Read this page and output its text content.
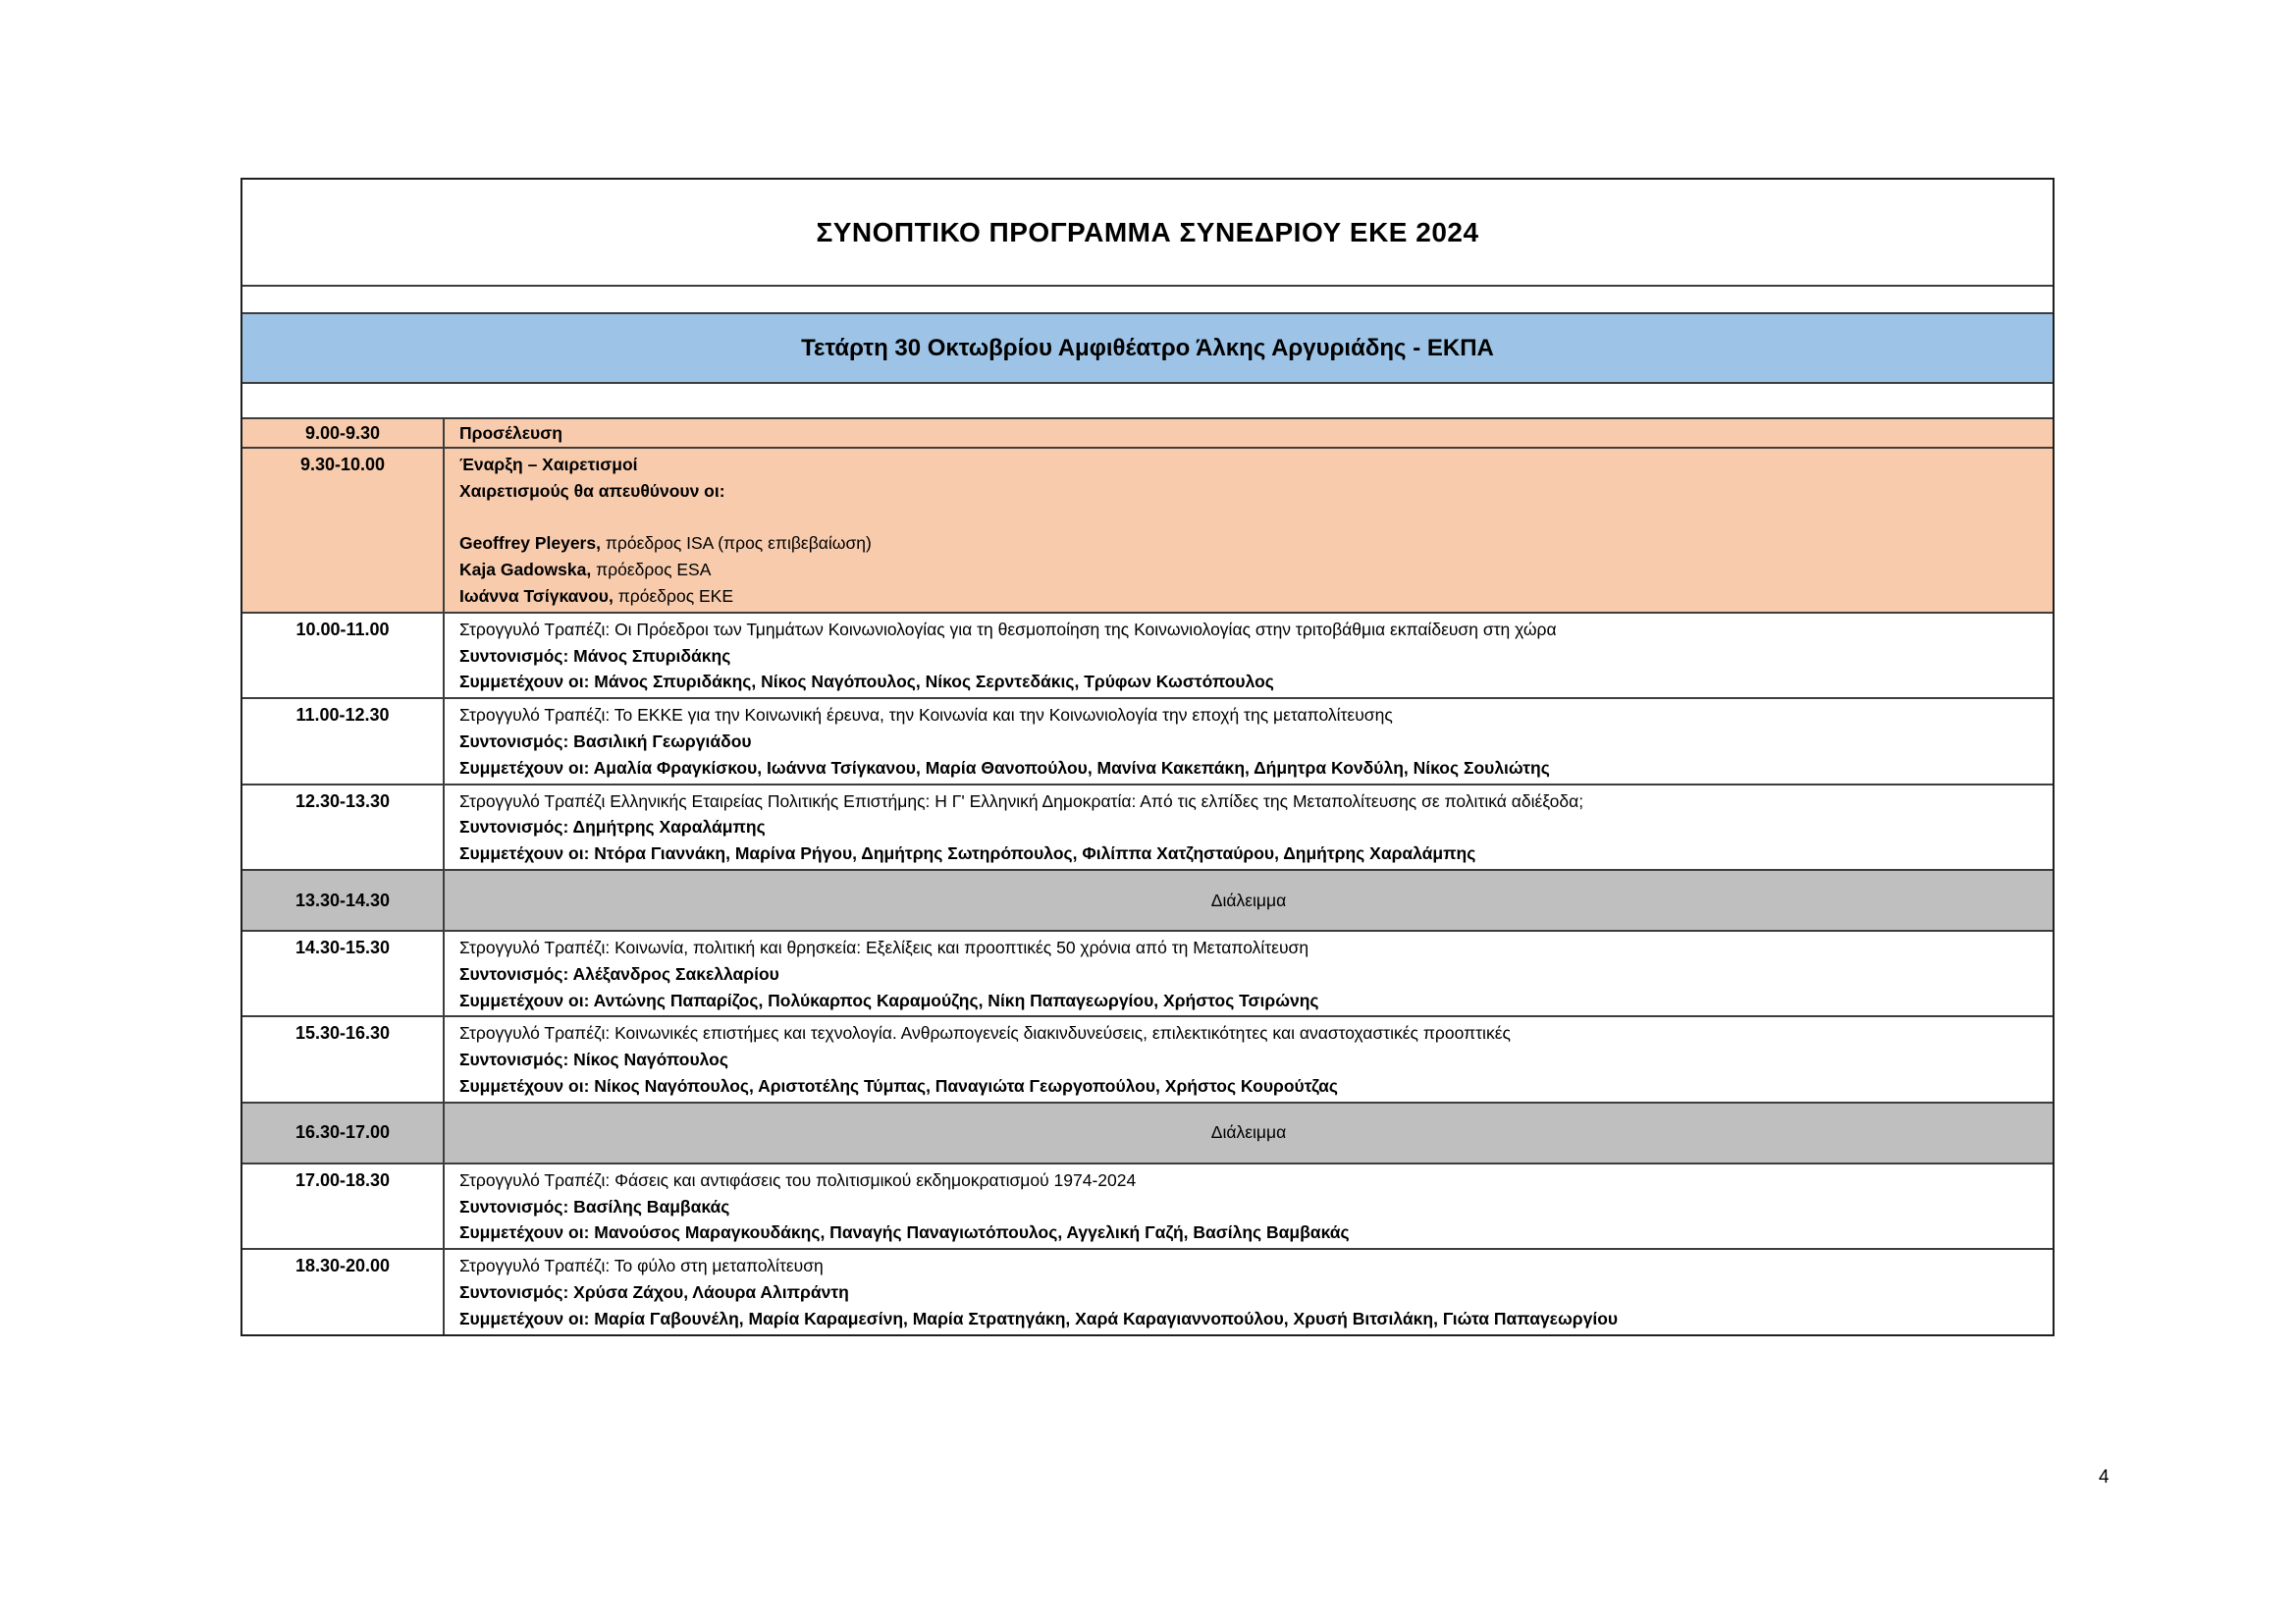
ΣΥΝΟΠΤΙΚΟ ΠΡΟΓΡΑΜΜΑ ΣΥΝΕΔΡΙΟΥ ΕΚΕ 2024
Τετάρτη 30 Οκτωβρίου Αμφιθέατρο Άλκης Αργυριάδης - ΕΚΠΑ
9.00-9.30	Προσέλευση
9.30-10.00	Έναρξη – Χαιρετισμοί
Χαιρετισμούς θα απευθύνουν οι:
Geoffrey Pleyers, πρόεδρος ISA (προς επιβεβαίωση)
Kaja Gadowska, πρόεδρος ESA
Ιωάννα Τσίγκανου, πρόεδρος ΕΚΕ
10.00-11.00	Στρογγυλό Τραπέζι: Οι Πρόεδροι των Τμημάτων Κοινωνιολογίας για τη θεσμοποίηση της Κοινωνιολογίας στην τριτοβάθμια εκπαίδευση στη χώρα
Συντονισμός: Μάνος Σπυριδάκης
Συμμετέχουν οι: Μάνος Σπυριδάκης, Νίκος Ναγόπουλος, Νίκος Σερντεδάκις, Τρύφων Κωστόπουλος
11.00-12.30	Στρογγυλό Τραπέζι: Το ΕΚΚΕ για την Κοινωνική έρευνα, την Κοινωνία και την Κοινωνιολογία την εποχή της μεταπολίτευσης
Συντονισμός: Βασιλική Γεωργιάδου
Συμμετέχουν οι: Αμαλία Φραγκίσκου, Ιωάννα Τσίγκανου, Μαρία Θανοπούλου, Μανίνα Κακεπάκη, Δήμητρα Κονδύλη, Νίκος Σουλιώτης
12.30-13.30	Στρογγυλό Τραπέζι Ελληνικής Εταιρείας Πολιτικής Επιστήμης: Η Γ' Ελληνική Δημοκρατία: Από τις ελπίδες της Μεταπολίτευσης σε πολιτικά αδιέξοδα;
Συντονισμός: Δημήτρης Χαραλάμπης
Συμμετέχουν οι: Ντόρα Γιαννάκη, Μαρίνα Ρήγου, Δημήτρης Σωτηρόπουλος, Φιλίππα Χατζησταύρου, Δημήτρης Χαραλάμπης
13.30-14.30	Διάλειμμα
14.30-15.30	Στρογγυλό Τραπέζι: Κοινωνία, πολιτική και θρησκεία: Εξελίξεις και προοπτικές 50 χρόνια από τη Μεταπολίτευση
Συντονισμός: Αλέξανδρος Σακελλαρίου
Συμμετέχουν οι: Αντώνης Παπαρίζος, Πολύκαρπος Καραμούζης, Νίκη Παπαγεωργίου, Χρήστος Τσιρώνης
15.30-16.30	Στρογγυλό Τραπέζι: Κοινωνικές επιστήμες και τεχνολογία. Ανθρωπογενείς διακινδυνεύσεις, επιλεκτικότητες και αναστοχαστικές προοπτικές
Συντονισμός: Νίκος Ναγόπουλος
Συμμετέχουν οι: Νίκος Ναγόπουλος, Αριστοτέλης Τύμπας, Παναγιώτα Γεωργοπούλου, Χρήστος Κουρούτζας
16.30-17.00	Διάλειμμα
17.00-18.30	Στρογγυλό Τραπέζι: Φάσεις και αντιφάσεις του πολιτισμικού εκδημοκρατισμού 1974-2024
Συντονισμός: Βασίλης Βαμβακάς
Συμμετέχουν οι: Μανούσος Μαραγκουδάκης, Παναγής Παναγιωτόπουλος, Αγγελική Γαζή, Βασίλης Βαμβακάς
18.30-20.00	Στρογγυλό Τραπέζι: Το φύλο στη μεταπολίτευση
Συντονισμός: Χρύσα Ζάχου, Λάουρα Αλιπράντη
Συμμετέχουν οι: Μαρία Γαβουνέλη, Μαρία Καραμεσίνη, Μαρία Στρατηγάκη, Χαρά Καραγιαννοπούλου, Χρυσή Βιτσιλάκη, Γιώτα Παπαγεωργίου
4
